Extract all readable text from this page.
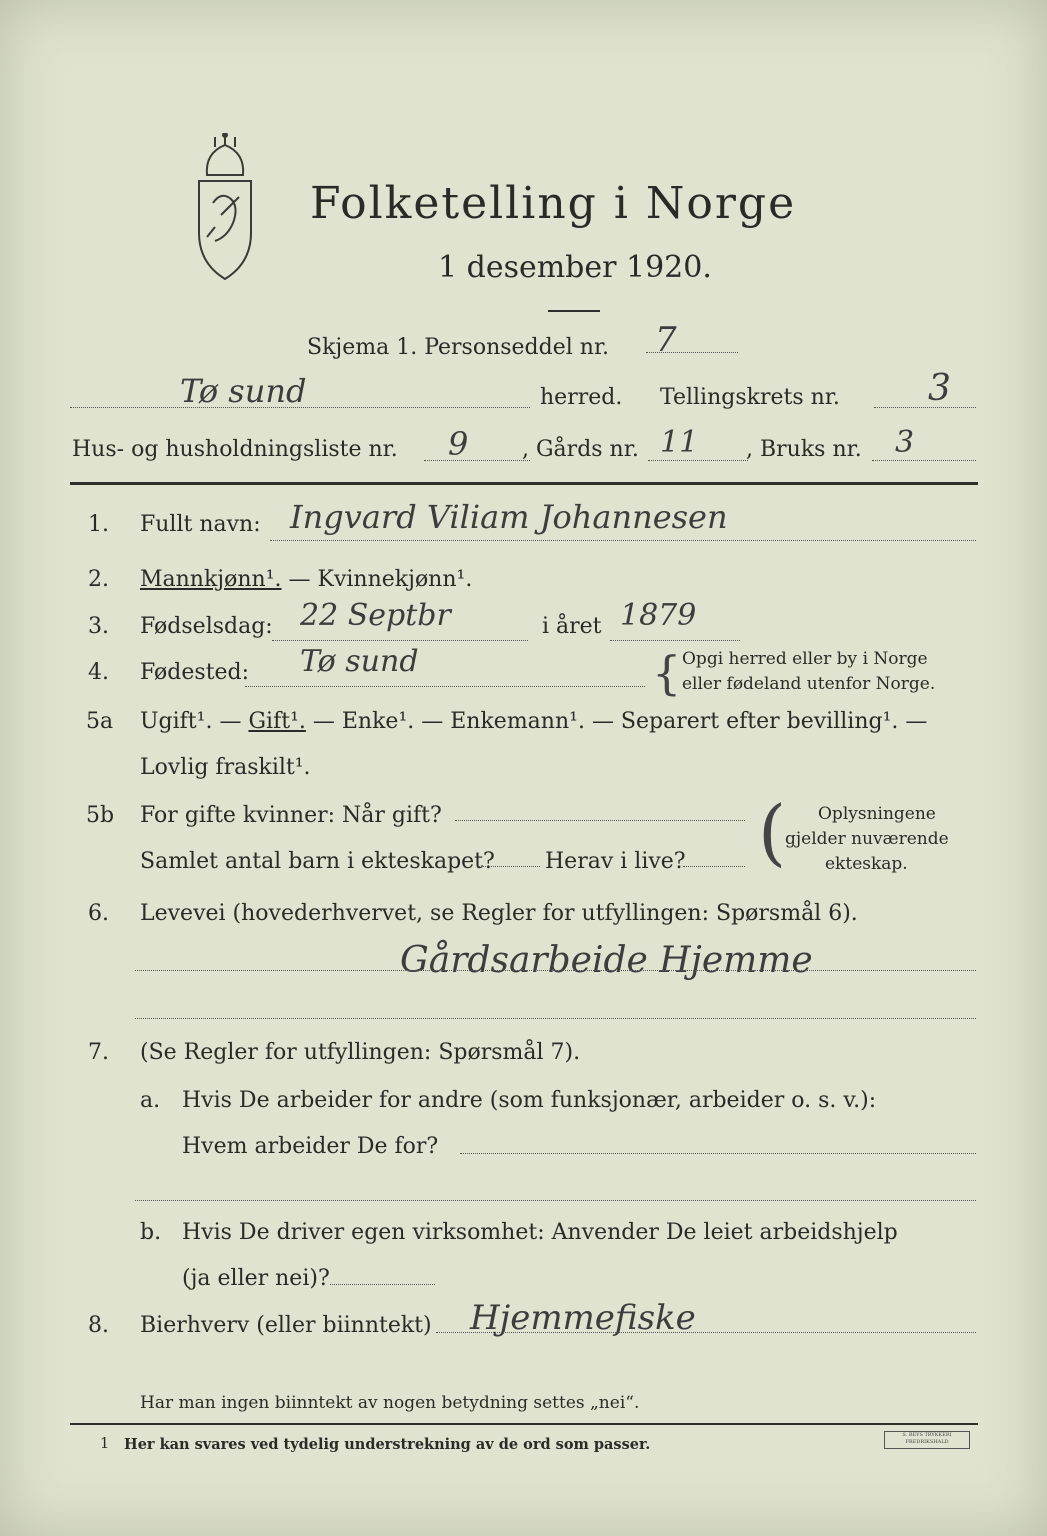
Folketelling i Norge
1 desember 1920.
Skjema 1. Personseddel nr. 7
Tø sund	herred. Tellingskrets nr. 3
Hus- og husholdningsliste nr. 9 , Gårds nr. 11 , Bruks nr. 3
1. Fullt navn: Ingvard Viliam Johannesen
2. Mannkjønn¹. — Kvinnekjønn¹.
3. Fødselsdag: 22 Septbr	i året 1879
4. Fødested: Tø sund	{ Opgi herred eller by i Norge
eller fødeland utenfor Norge.
5a Ugift¹. — Gift¹. — Enke¹. — Enkemann¹. — Separert efter bevilling¹. —
Lovlig fraskilt¹.
5b For gifte kvinner: Når gift?
Samlet antal barn i ekteskapet? Herav i live? ( Oplysningene
gjelder nuværende
ekteskap.
6. Levevei (hovederhvervet, se Regler for utfyllingen: Spørsmål 6).
Gårdsarbeide Hjemme
7. (Se Regler for utfyllingen: Spørsmål 7).
a. Hvis De arbeider for andre (som funksjonær, arbeider o. s. v.):
Hvem arbeider De for?
b. Hvis De driver egen virksomhet: Anvender De leiet arbeidshjelp
(ja eller nei)?
8. Bierhverv (eller biinntekt) Hjemmefiske
Har man ingen biinntekt av nogen betydning settes „nei“.
1 Her kan svares ved tydelig understrekning av de ord som passer.
S. BEYS TRYKKERI
FREDRIKSHALD
